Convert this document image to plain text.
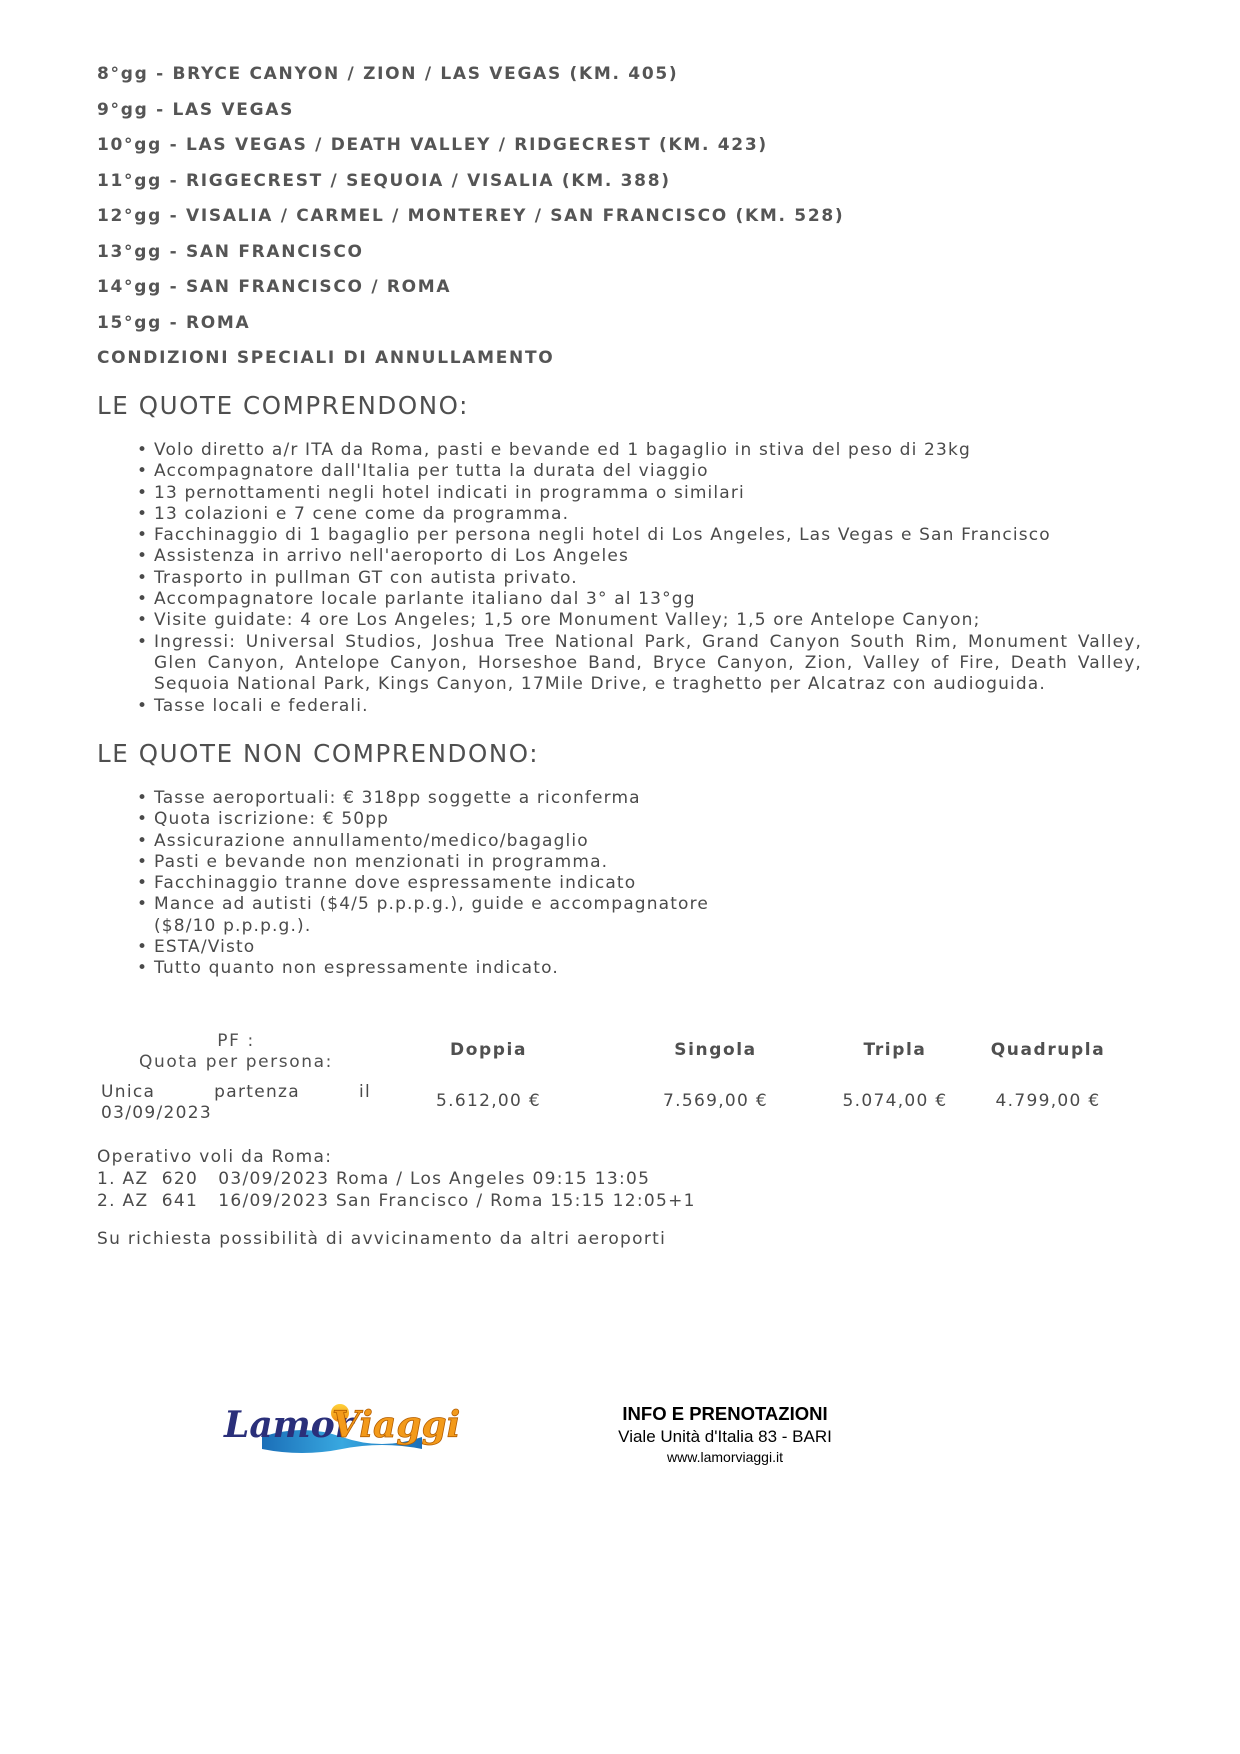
8°gg - BRYCE CANYON / ZION / LAS VEGAS (KM. 405)
9°gg - LAS VEGAS
10°gg - LAS VEGAS / DEATH VALLEY / RIDGECREST (KM. 423)
11°gg - RIGGECREST / SEQUOIA / VISALIA (KM. 388)
12°gg - VISALIA / CARMEL / MONTEREY / SAN FRANCISCO (KM. 528)
13°gg - SAN FRANCISCO
14°gg - SAN FRANCISCO / ROMA
15°gg - ROMA
CONDIZIONI SPECIALI DI ANNULLAMENTO
LE QUOTE COMPRENDONO:
• Volo diretto a/r ITA da Roma, pasti e bevande ed 1 bagaglio in stiva del peso di 23kg
• Accompagnatore dall'Italia per tutta la durata del viaggio
• 13 pernottamenti negli hotel indicati in programma o similari
• 13 colazioni e 7 cene come da programma.
• Facchinaggio di 1 bagaglio per persona negli hotel di Los Angeles, Las Vegas e San Francisco
• Assistenza in arrivo nell'aeroporto di Los Angeles
• Trasporto in pullman GT con autista privato.
• Accompagnatore locale parlante italiano dal 3° al 13°gg
• Visite guidate: 4 ore Los Angeles; 1,5 ore Monument Valley; 1,5 ore Antelope Canyon;
• Ingressi: Universal Studios, Joshua Tree National Park, Grand Canyon South Rim, Monument Valley, Glen Canyon, Antelope Canyon, Horseshoe Band, Bryce Canyon, Zion, Valley of Fire, Death Valley, Sequoia National Park, Kings Canyon, 17Mile Drive, e traghetto per Alcatraz con audioguida.
• Tasse locali e federali.
LE QUOTE NON COMPRENDONO:
• Tasse aeroportuali: € 318pp soggette a riconferma
• Quota iscrizione: € 50pp
• Assicurazione annullamento/medico/bagaglio
• Pasti e bevande non menzionati in programma.
• Facchinaggio tranne dove espressamente indicato
• Mance ad autisti ($4/5 p.p.p.g.), guide e accompagnatore ($8/10 p.p.p.g.).
• ESTA/Visto
• Tutto quanto non espressamente indicato.
PF :
Quota per persona:	Doppia	Singola	Tripla	Quadrupla

Unica partenza il
03/09/2023	5.612,00 €	7.569,00 €	5.074,00 €	4.799,00 €
Operativo voli da Roma:
1. AZ  620   03/09/2023 Roma / Los Angeles 09:15 13:05
2. AZ  641   16/09/2023 San Francisco / Roma 15:15 12:05+1
Su richiesta possibilità di avvicinamento da altri aeroporti
Lamor
Viaggi	INFO E PRENOTAZIONI
Viale Unità d'Italia 83 - BARI
www.lamorviaggi.it
